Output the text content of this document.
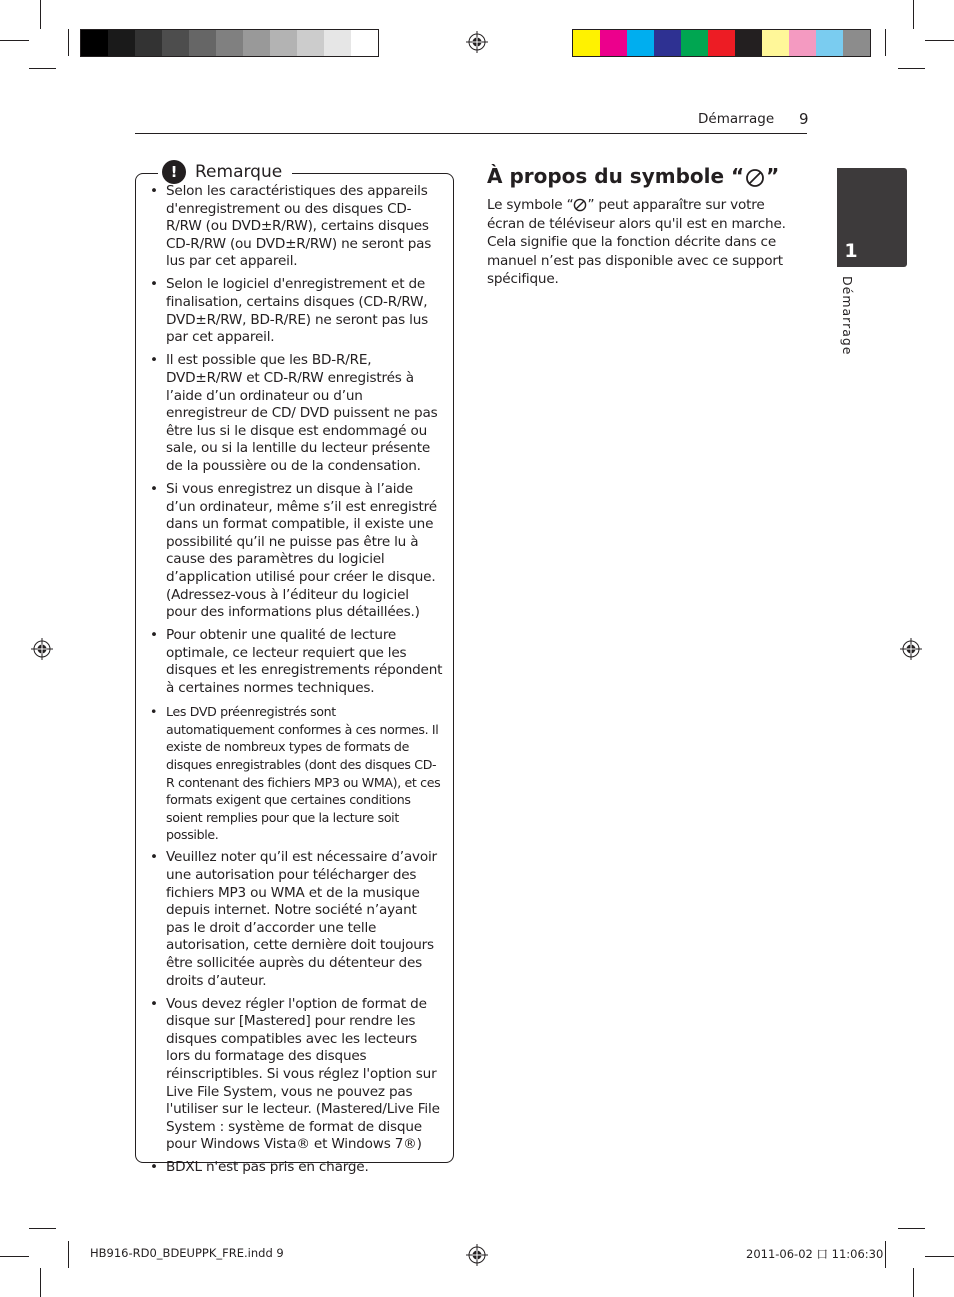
Démarrage 9
!	Remarque
• Selon les caractéristiques des appareils d'enregistrement ou des disques CD-R/RW (ou DVD±R/RW), certains disques CD-R/RW (ou DVD±R/RW) ne seront pas lus par cet appareil.
• Selon le logiciel d'enregistrement et de finalisation, certains disques (CD-R/RW, DVD±R/RW, BD-R/RE) ne seront pas lus par cet appareil.
• Il est possible que les BD-R/RE, DVD±R/RW et CD-R/RW enregistrés à l’aide d’un ordinateur ou d’un enregistreur de CD/ DVD puissent ne pas être lus si le disque est endommagé ou sale, ou si la lentille du lecteur présente de la poussière ou de la condensation.
• Si vous enregistrez un disque à l’aide d’un ordinateur, même s’il est enregistré dans un format compatible, il existe une possibilité qu’il ne puisse pas être lu à cause des paramètres du logiciel d’application utilisé pour créer le disque. (Adressez-vous à l’éditeur du logiciel pour des informations plus détaillées.)
• Pour obtenir une qualité de lecture optimale, ce lecteur requiert que les disques et les enregistrements répondent à certaines normes techniques.
• Les DVD préenregistrés sont automatiquement conformes à ces normes. Il existe de nombreux types de formats de disques enregistrables (dont des disques CD-R contenant des fichiers MP3 ou WMA), et ces formats exigent que certaines conditions soient remplies pour que la lecture soit possible.
• Veuillez noter qu’il est nécessaire d’avoir une autorisation pour télécharger des fichiers MP3 ou WMA et de la musique depuis internet. Notre société n’ayant pas le droit d’accorder une telle autorisation, cette dernière doit toujours être sollicitée auprès du détenteur des droits d’auteur.
• Vous devez régler l'option de format de disque sur [Mastered] pour rendre les disques compatibles avec les lecteurs lors du formatage des disques réinscriptibles. Si vous réglez l'option sur Live File System, vous ne pouvez pas l'utiliser sur le lecteur. (Mastered/Live File System : système de format de disque pour Windows Vista® et Windows 7®)
• BDXL n'est pas pris en charge.
À propos du symbole “ ”
Le symbole “ ” peut apparaître sur votre écran de téléviseur alors qu'il est en marche. Cela signifie que la fonction décrite dans ce manuel n’est pas disponible avec ce support spécifique.
1
Démarrage
HB916-RD0_BDEUPPK_FRE.indd 9	2011-06-02 口 11:06:30
